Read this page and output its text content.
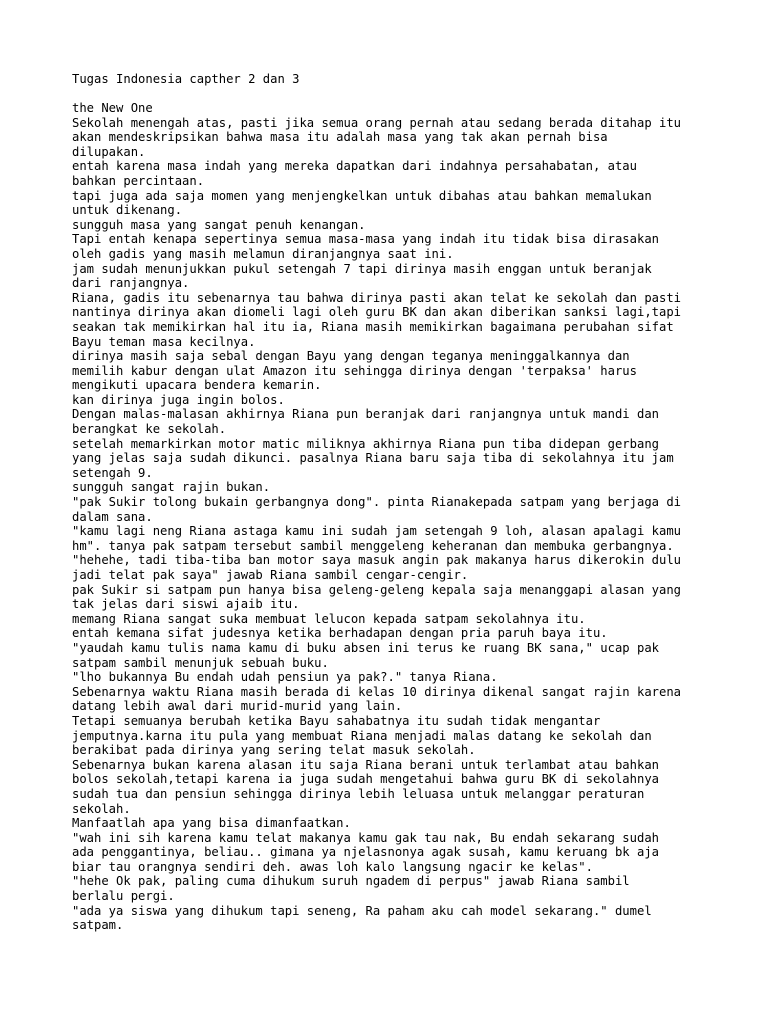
Tugas Indonesia capther 2 dan 3
the New One
Sekolah menengah atas, pasti jika semua orang pernah atau sedang berada ditahap itu
akan mendeskripsikan bahwa masa itu adalah masa yang tak akan pernah bisa
dilupakan.
entah karena masa indah yang mereka dapatkan dari indahnya persahabatan, atau
bahkan percintaan.
tapi juga ada saja momen yang menjengkelkan untuk dibahas atau bahkan memalukan
untuk dikenang.
sungguh masa yang sangat penuh kenangan.
Tapi entah kenapa sepertinya semua masa-masa yang indah itu tidak bisa dirasakan
oleh gadis yang masih melamun diranjangnya saat ini.
jam sudah menunjukkan pukul setengah 7 tapi dirinya masih enggan untuk beranjak
dari ranjangnya.
Riana, gadis itu sebenarnya tau bahwa dirinya pasti akan telat ke sekolah dan pasti
nantinya dirinya akan diomeli lagi oleh guru BK dan akan diberikan sanksi lagi,tapi
seakan tak memikirkan hal itu ia, Riana masih memikirkan bagaimana perubahan sifat
Bayu teman masa kecilnya.
dirinya masih saja sebal dengan Bayu yang dengan teganya meninggalkannya dan
memilih kabur dengan ulat Amazon itu sehingga dirinya dengan 'terpaksa' harus
mengikuti upacara bendera kemarin.
kan dirinya juga ingin bolos.
Dengan malas-malasan akhirnya Riana pun beranjak dari ranjangnya untuk mandi dan
berangkat ke sekolah.
setelah memarkirkan motor matic miliknya akhirnya Riana pun tiba didepan gerbang
yang jelas saja sudah dikunci. pasalnya Riana baru saja tiba di sekolahnya itu jam
setengah 9.
sungguh sangat rajin bukan.
"pak Sukir tolong bukain gerbangnya dong". pinta Rianakepada satpam yang berjaga di
dalam sana.
"kamu lagi neng Riana astaga kamu ini sudah jam setengah 9 loh, alasan apalagi kamu
hm". tanya pak satpam tersebut sambil menggeleng keheranan dan membuka gerbangnya.
"hehehe, tadi tiba-tiba ban motor saya masuk angin pak makanya harus dikerokin dulu
jadi telat pak saya" jawab Riana sambil cengar-cengir.
pak Sukir si satpam pun hanya bisa geleng-geleng kepala saja menanggapi alasan yang
tak jelas dari siswi ajaib itu.
memang Riana sangat suka membuat lelucon kepada satpam sekolahnya itu.
entah kemana sifat judesnya ketika berhadapan dengan pria paruh baya itu.
"yaudah kamu tulis nama kamu di buku absen ini terus ke ruang BK sana," ucap pak
satpam sambil menunjuk sebuah buku.
"lho bukannya Bu endah udah pensiun ya pak?." tanya Riana.
Sebenarnya waktu Riana masih berada di kelas 10 dirinya dikenal sangat rajin karena
datang lebih awal dari murid-murid yang lain.
Tetapi semuanya berubah ketika Bayu sahabatnya itu sudah tidak mengantar
jemputnya.karna itu pula yang membuat Riana menjadi malas datang ke sekolah dan
berakibat pada dirinya yang sering telat masuk sekolah.
Sebenarnya bukan karena alasan itu saja Riana berani untuk terlambat atau bahkan
bolos sekolah,tetapi karena ia juga sudah mengetahui bahwa guru BK di sekolahnya
sudah tua dan pensiun sehingga dirinya lebih leluasa untuk melanggar peraturan
sekolah.
Manfaatlah apa yang bisa dimanfaatkan.
"wah ini sih karena kamu telat makanya kamu gak tau nak, Bu endah sekarang sudah
ada penggantinya, beliau.. gimana ya njelasnonya agak susah, kamu keruang bk aja
biar tau orangnya sendiri deh. awas loh kalo langsung ngacir ke kelas".
"hehe Ok pak, paling cuma dihukum suruh ngadem di perpus" jawab Riana sambil
berlalu pergi.
"ada ya siswa yang dihukum tapi seneng, Ra paham aku cah model sekarang." dumel
satpam.
